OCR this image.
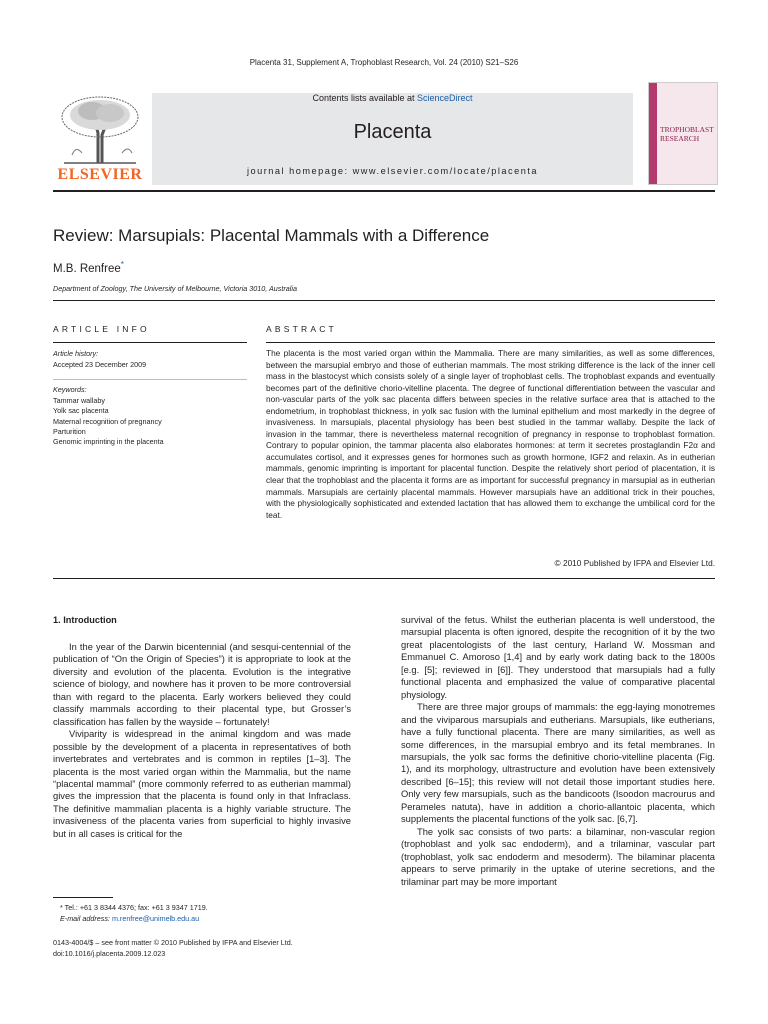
Placenta 31, Supplement A, Trophoblast Research, Vol. 24 (2010) S21–S26
ELSEVIER
Contents lists available at ScienceDirect
Placenta
journal homepage: www.elsevier.com/locate/placenta
TROPHOBLAST
RESEARCH
Review: Marsupials: Placental Mammals with a Difference
M.B. Renfree*
Department of Zoology, The University of Melbourne, Victoria 3010, Australia
ARTICLE INFO	ABSTRACT
Article history:
Accepted 23 December 2009
Keywords:
Tammar wallaby
Yolk sac placenta
Maternal recognition of pregnancy
Parturition
Genomic imprinting in the placenta
The placenta is the most varied organ within the Mammalia. There are many similarities, as well as some differences, between the marsupial embryo and those of eutherian mammals. The most striking difference is the lack of the inner cell mass in the blastocyst which consists solely of a single layer of trophoblast cells. The trophoblast expands and eventually becomes part of the definitive chorio-vitelline placenta. The degree of functional differentiation between the vascular and non-vascular parts of the yolk sac placenta differs between species in the relative surface area that is attached to the endometrium, in trophoblast thickness, in yolk sac fusion with the luminal epithelium and most markedly in the degree of invasiveness. In marsupials, placental physiology has been best studied in the tammar wallaby. Despite the lack of invasion in the tammar, there is nevertheless maternal recognition of pregnancy in response to trophoblast formation. Contrary to popular opinion, the tammar placenta also elaborates hormones: at term it secretes prostaglandin F2α and accumulates cortisol, and it expresses genes for hormones such as growth hormone, IGF2 and relaxin. As in eutherian mammals, genomic imprinting is important for placental function. Despite the relatively short period of placentation, it is clear that the trophoblast and the placenta it forms are as important for successful pregnancy in marsupial as in eutherian mammals. Marsupials are certainly placental mammals. However marsupials have an additional trick in their pouches, with the physiologically sophisticated and extended lactation that has allowed them to exchange the umbilical cord for the teat.
© 2010 Published by IFPA and Elsevier Ltd.
1. Introduction

In the year of the Darwin bicentennial (and sesqui-centennial of the publication of “On the Origin of Species”) it is appropriate to look at the diversity and evolution of the placenta. Evolution is the integrative science of biology, and nowhere has it proven to be more controversial than with regard to the placenta. Early workers believed they could classify mammals according to their placental type, but Grosser’s classification has fallen by the wayside – fortunately!

Viviparity is widespread in the animal kingdom and was made possible by the development of a placenta in representatives of both invertebrates and vertebrates and is common in reptiles [1–3]. The placenta is the most varied organ within the Mammalia, but the name “placental mammal” (more commonly referred to as eutherian mammal) gives the impression that the placenta is found only in that Infraclass. The definitive mammalian placenta is a highly variable structure. The invasiveness of the placenta varies from superficial to highly invasive but in all cases is critical for the

survival of the fetus. Whilst the eutherian placenta is well understood, the marsupial placenta is often ignored, despite the recognition of it by the two great placentologists of the last century, Harland W. Mossman and Emmanuel C. Amoroso [1,4] and by early work dating back to the 1800s [e.g. [5]; reviewed in [6]]. They understood that marsupials had a fully functional placenta and emphasized the value of comparative placental physiology.

There are three major groups of mammals: the egg-laying monotremes and the viviparous marsupials and eutherians. Marsupials, like eutherians, have a fully functional placenta. There are many similarities, as well as some differences, in the marsupial embryo and its fetal membranes. In marsupials, the yolk sac forms the definitive chorio-vitelline placenta (Fig. 1), and its morphology, ultrastructure and evolution have been extensively described [6–15]; this review will not detail those important studies here. Only very few marsupials, such as the bandicoots (Isoodon macrourus and Perameles natuta), have in addition a chorio-allantoic placenta, which supplements the placental functions of the yolk sac. [6,7].

The yolk sac consists of two parts: a bilaminar, non-vascular region (trophoblast and yolk sac endoderm), and a trilaminar, vascular part (trophoblast, yolk sac endoderm and mesoderm). The bilaminar placenta appears to serve primarily in the uptake of uterine secretions, and the trilaminar part may be more important

* Tel.: +61 3 8344 4376; fax: +61 3 9347 1719.
E-mail address: m.renfree@unimelb.edu.au
0143-4004/$ – see front matter © 2010 Published by IFPA and Elsevier Ltd.
doi:10.1016/j.placenta.2009.12.023
